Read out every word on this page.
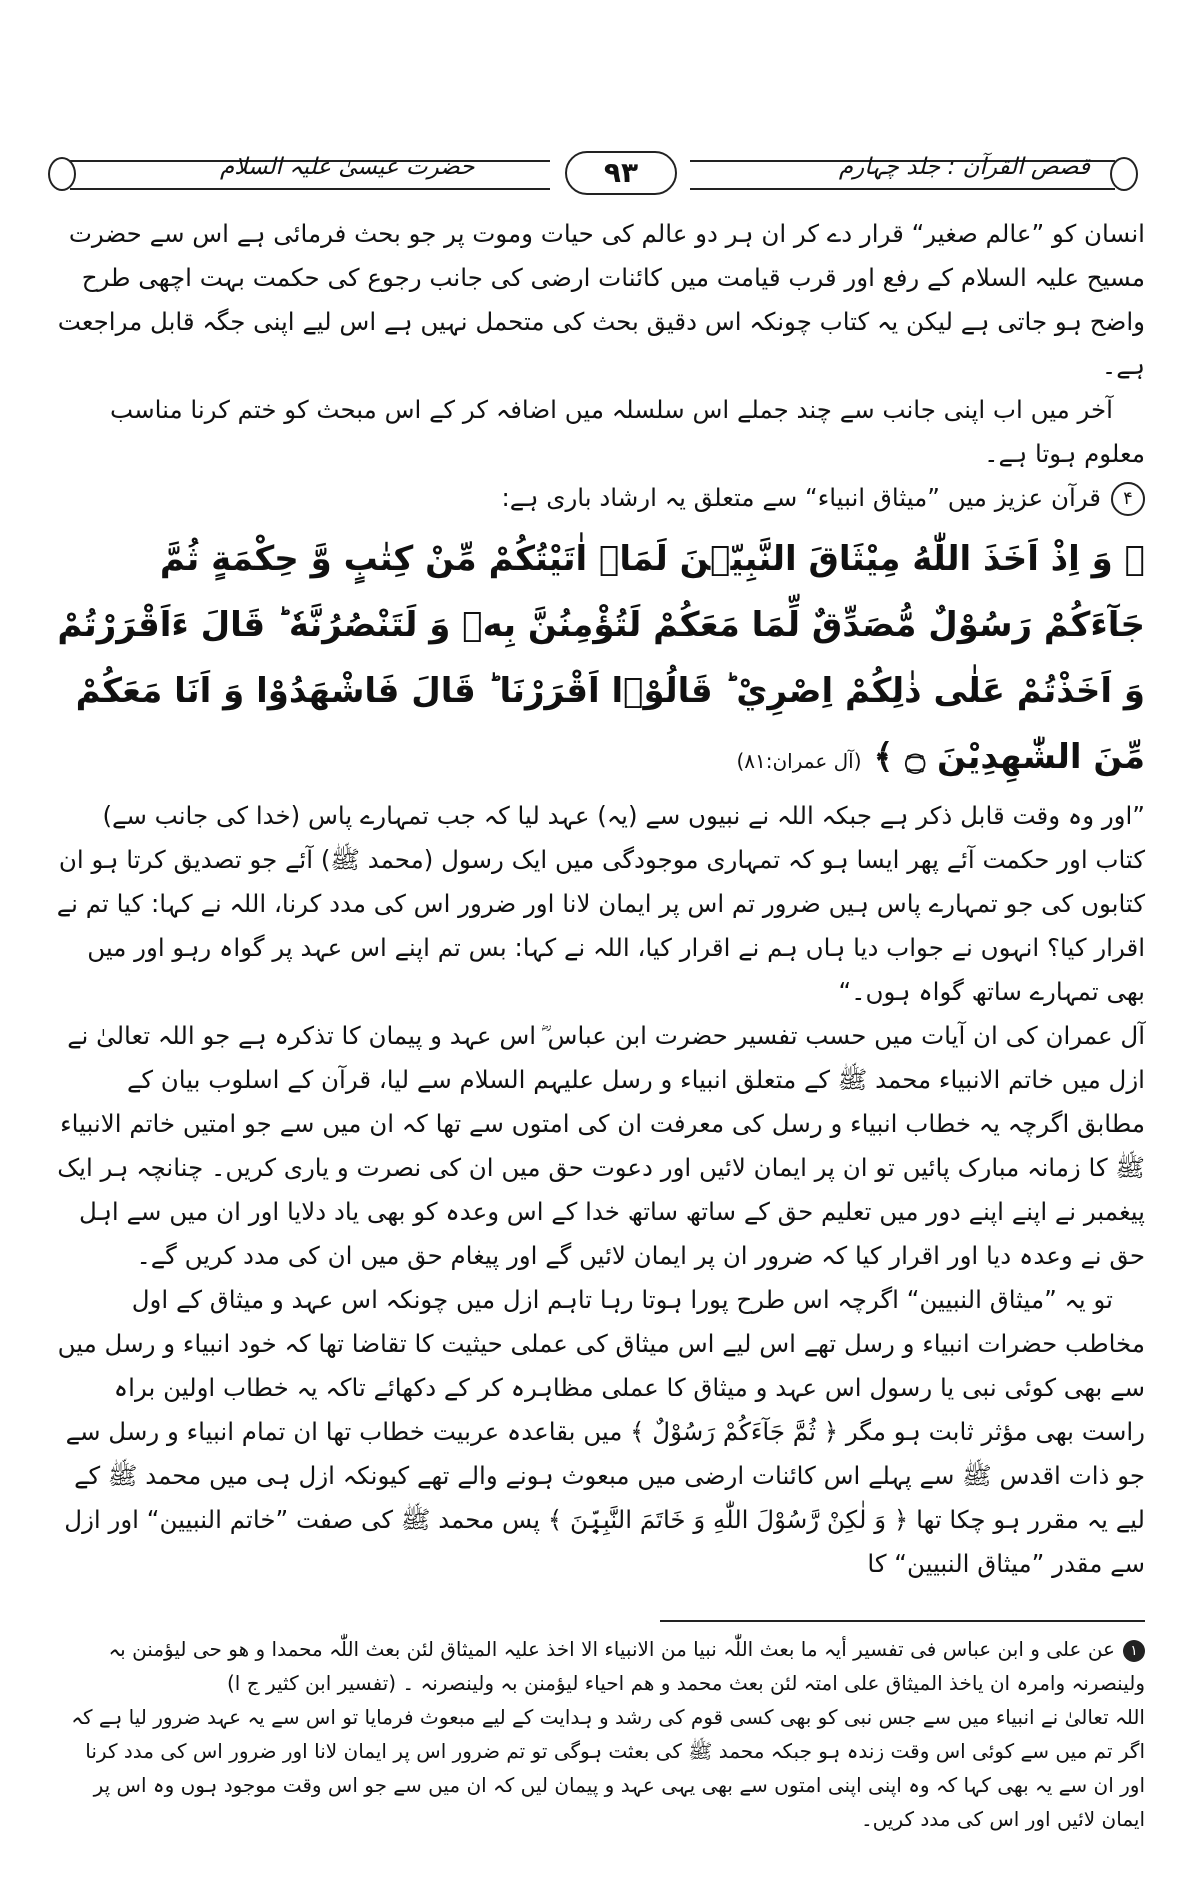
حضرت عیسیٰ علیہ السلام	٩٣	قصص القرآن : جلد چہارم

انسان کو ”عالم صغیر“ قرار دے کر ان ہر دو عالم کی حیات وموت پر جو بحث فرمائی ہے اس سے حضرت مسیح علیہ السلام کے رفع اور قرب قیامت میں کائنات ارضی کی جانب رجوع کی حکمت بہت اچھی طرح واضح ہو جاتی ہے لیکن یہ کتاب چونکہ اس دقیق بحث کی متحمل نہیں ہے اس لیے اپنی جگہ قابل مراجعت ہے۔

آخر میں اب اپنی جانب سے چند جملے اس سلسلہ میں اضافہ کر کے اس مبحث کو ختم کرنا مناسب معلوم ہوتا ہے۔

۴قرآن عزیز میں ”میثاق انبیاء“ سے متعلق یہ ارشاد باری ہے:

﴿ وَ اِذْ اَخَذَ اللّٰهُ مِيْثَاقَ النَّبِيّٖنَ لَمَاۤ اٰتَيْتُكُمْ مِّنْ كِتٰبٍ وَّ حِكْمَةٍ ثُمَّ جَآءَكُمْ رَسُوْلٌ مُّصَدِّقٌ لِّمَا مَعَكُمْ لَتُؤْمِنُنَّ بِهٖ وَ لَتَنْصُرُنَّهٗ ؕ قَالَ ءَاَقْرَرْتُمْ وَ اَخَذْتُمْ عَلٰى ذٰلِكُمْ اِصْرِيْ ؕ قَالُوْۤا اَقْرَرْنَا ؕ قَالَ فَاشْهَدُوْا وَ اَنَا مَعَكُمْ مِّنَ الشّٰهِدِيْنَ ۝ ﴾(آل عمران:٨١)

”اور وہ وقت قابل ذکر ہے جبکہ اللہ نے نبیوں سے (یہ) عہد لیا کہ جب تمہارے پاس (خدا کی جانب سے) کتاب اور حکمت آئے پھر ایسا ہو کہ تمہاری موجودگی میں ایک رسول (محمد ﷺ) آئے جو تصدیق کرتا ہو ان کتابوں کی جو تمہارے پاس ہیں ضرور تم اس پر ایمان لانا اور ضرور اس کی مدد کرنا، اللہ نے کہا: کیا تم نے اقرار کیا؟ انہوں نے جواب دیا ہاں ہم نے اقرار کیا، اللہ نے کہا: بس تم اپنے اس عہد پر گواہ رہو اور میں بھی تمہارے ساتھ گواہ ہوں۔“

آل عمران کی ان آیات میں حسب تفسیر حضرت ابن عباس ؓ اس عہد و پیمان کا تذکرہ ہے جو اللہ تعالیٰ نے ازل میں خاتم الانبیاء محمد ﷺ کے متعلق انبیاء و رسل علیہم السلام سے لیا، قرآن کے اسلوب بیان کے مطابق اگرچہ یہ خطاب انبیاء و رسل کی معرفت ان کی امتوں سے تھا کہ ان میں سے جو امتیں خاتم الانبیاء ﷺ کا زمانہ مبارک پائیں تو ان پر ایمان لائیں اور دعوت حق میں ان کی نصرت و یاری کریں۔ چنانچہ ہر ایک پیغمبر نے اپنے اپنے دور میں تعلیم حق کے ساتھ ساتھ خدا کے اس وعدہ کو بھی یاد دلایا اور ان میں سے اہل حق نے وعدہ دیا اور اقرار کیا کہ ضرور ان پر ایمان لائیں گے اور پیغام حق میں ان کی مدد کریں گے۔

تو یہ ”میثاق النبیین“ اگرچہ اس طرح پورا ہوتا رہا تاہم ازل میں چونکہ اس عہد و میثاق کے اول مخاطب حضرات انبیاء و رسل تھے اس لیے اس میثاق کی عملی حیثیت کا تقاضا تھا کہ خود انبیاء و رسل میں سے بھی کوئی نبی یا رسول اس عہد و میثاق کا عملی مظاہرہ کر کے دکھائے تاکہ یہ خطاب اولین براہ راست بھی مؤثر ثابت ہو مگر ﴿ ثُمَّ جَآءَكُمْ رَسُوْلٌ ﴾ میں بقاعدہ عربیت خطاب تھا ان تمام انبیاء و رسل سے جو ذات اقدس ﷺ سے پہلے اس کائنات ارضی میں مبعوث ہونے والے تھے کیونکہ ازل ہی میں محمد ﷺ کے لیے یہ مقرر ہو چکا تھا ﴿ وَ لٰكِنْ رَّسُوْلَ اللّٰهِ وَ خَاتَمَ النَّبِيّٖنَ ﴾ پس محمد ﷺ کی صفت ”خاتم النبیین“ اور ازل سے مقدر ”میثاق النبیین“ کا

١عن علی و ابن عباس فی تفسیر أیہ ما بعث اللّٰہ نبیا من الانبیاء الا اخذ علیہ المیثاق لئن بعث اللّٰہ محمدا و ھو حی لیؤمنن بہ ولینصرنہ وامرہ ان یاخذ المیثاق علی امتہ لئن بعث محمد و ھم احیاء لیؤمنن بہ ولینصرنہ ۔ (تفسیر ابن کثیر ج ا)

اللہ تعالیٰ نے انبیاء میں سے جس نبی کو بھی کسی قوم کی رشد و ہدایت کے لیے مبعوث فرمایا تو اس سے یہ عہد ضرور لیا ہے کہ اگر تم میں سے کوئی اس وقت زندہ ہو جبکہ محمد ﷺ کی بعثت ہوگی تو تم ضرور اس پر ایمان لانا اور ضرور اس کی مدد کرنا اور ان سے یہ بھی کہا کہ وہ اپنی اپنی امتوں سے بھی یہی عہد و پیمان لیں کہ ان میں سے جو اس وقت موجود ہوں وہ اس پر ایمان لائیں اور اس کی مدد کریں۔
